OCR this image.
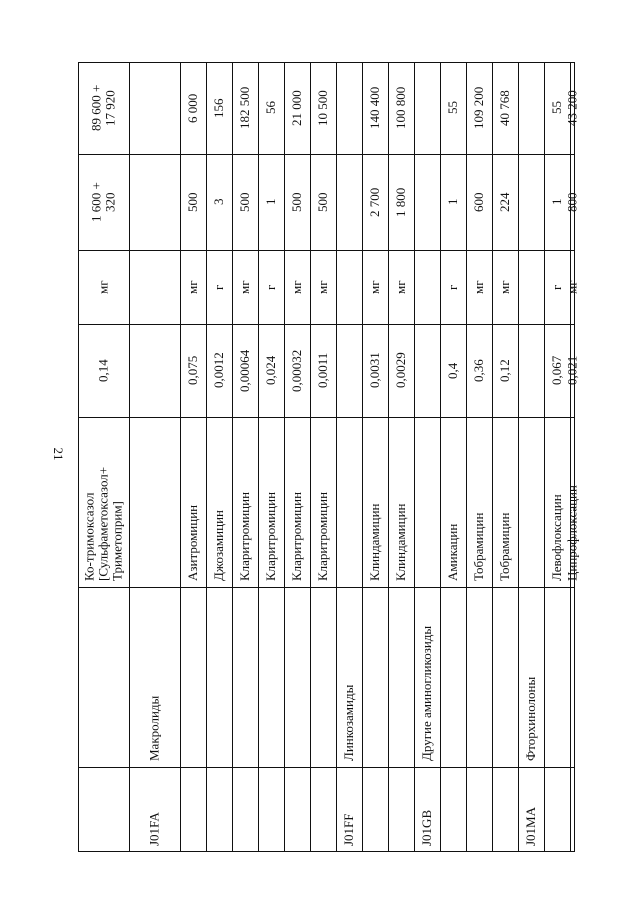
21
Ко-тримоксазол
[Сульфаметоксазол+
Триметоприм]
0,14
мг
1 600 +
320
89 600 +
17 920
J01FA
Макролиды
Азитромицин
0,075
мг
500
6 000
Джозамицин
0,0012
г
3
156
Кларитромицин
0,00064
мг
500
182 500
Кларитромицин
0,024
г
1
56
Кларитромицин
0,00032
мг
500
21 000
Кларитромицин
0,0011
мг
500
10 500
J01FF
Линкозамиды
Клиндамицин
0,0031
мг
2 700
140 400
Клиндамицин
0,0029
мг
1 800
100 800
J01GB
Другие аминогликозиды
Амикацин
0,4
г
1
55
Тобрамицин
0,36
мг
600
109 200
Тобрамицин
0,12
мг
224
40 768
J01MA
Фторхинолоны
Левофлоксацин
0,067
г
1
55
Ципрофлоксацин
0,021
мг
800
43 200
